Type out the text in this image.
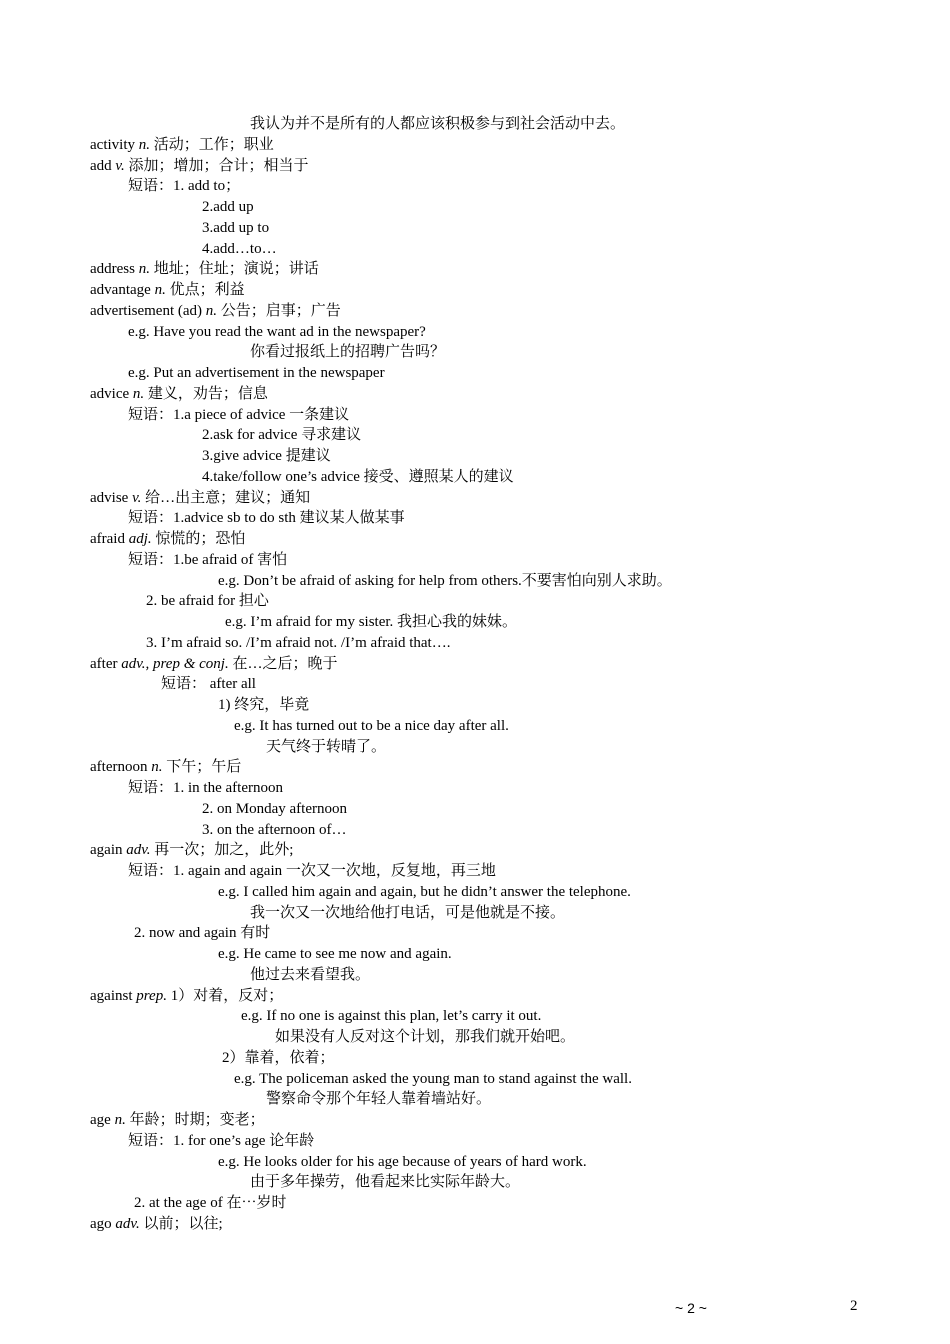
我认为并不是所有的人都应该积极参与到社会活动中去。
activity n. 活动；工作；职业
add v. 添加；增加；合计；相当于
短语：1. add to；
2.add up
3.add up to
4.add…to…
address n. 地址；住址；演说；讲话
advantage n. 优点；利益
advertisement (ad) n. 公告；启事；广告
e.g. Have you read the want ad in the newspaper?
你看过报纸上的招聘广告吗？
e.g. Put an advertisement in the newspaper
advice n. 建义，劝告；信息
短语：1.a piece of advice 一条建议
2.ask for advice 寻求建议
3.give advice 提建议
4.take/follow one’s advice 接受、遵照某人的建议
advise v. 给…出主意；建议；通知
短语：1.advice sb to do sth 建议某人做某事
afraid adj. 惊慌的；恐怕
短语：1.be afraid of 害怕
e.g. Don’t be afraid of asking for help from others.不要害怕向别人求助。
2. be afraid for 担心
e.g. I’m afraid for my sister. 我担心我的妹妹。
3. I’m afraid so. /I’m afraid not. /I’m afraid that….
after adv., prep & conj. 在…之后；晚于
短语： after all
1) 终究，毕竟
e.g. It has turned out to be a nice day after all.
天气终于转晴了。
afternoon n. 下午；午后
短语：1. in the afternoon
2. on Monday afternoon
3. on the afternoon of…
again adv. 再一次；加之，此外;
短语：1. again and again 一次又一次地，反复地，再三地
e.g. I called him again and again, but he didn’t answer the telephone.
我一次又一次地给他打电话，可是他就是不接。
2. now and again 有时
e.g. He came to see me now and again.
他过去来看望我。
against prep. 1）对着，反对；
e.g. If no one is against this plan, let’s carry it out.
如果没有人反对这个计划，那我们就开始吧。
2）靠着，依着；
e.g. The policeman asked the young man to stand against the wall.
警察命令那个年轻人靠着墙站好。
age n. 年龄；时期；变老；
短语：1. for one’s age 论年龄
e.g. He looks older for his age because of years of hard work.
由于多年操劳，他看起来比实际年龄大。
2. at the age of 在⋯岁时
ago adv. 以前；以往;
~ 2 ~	2
